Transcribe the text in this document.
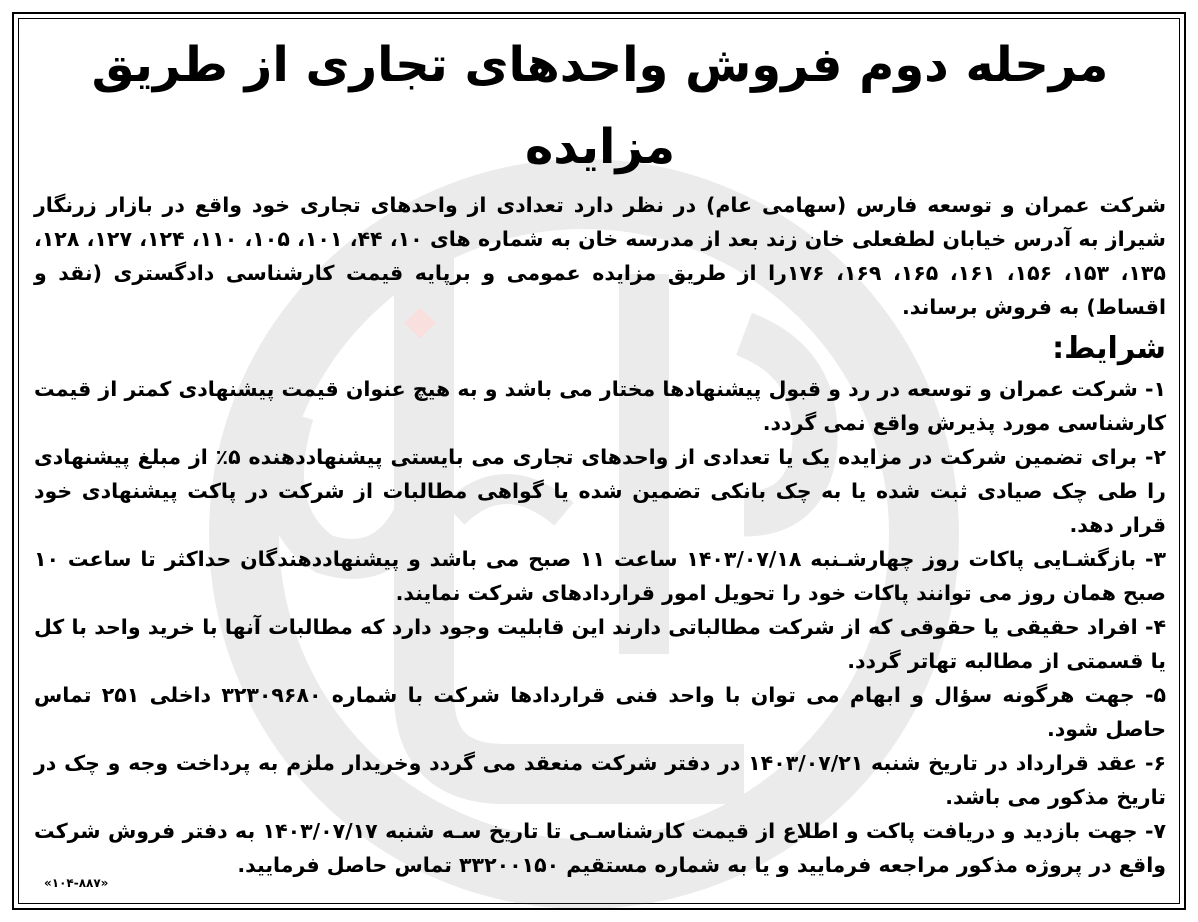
مرحله دوم فروش واحدهای تجاری از طریق مزایده

شرکت عمران و توسعه فارس (سهامی عام) در نظر دارد تعدادی از واحدهای تجاری خود واقع در بازار زرنگار شیراز به آدرس خیابان لطفعلی خان زند بعد از مدرسه خان به شماره های ۱۰، ۴۴، ۱۰۱، ۱۰۵، ۱۱۰، ۱۲۴، ۱۲۷، ۱۲۸، ۱۳۵، ۱۵۳، ۱۵۶، ۱۶۱، ۱۶۵، ۱۶۹، ۱۷۶را از طریق مزایده عمومی و برپایه قیمت کارشناسی دادگستری (نقد و اقساط) به فروش برساند.

شرایط:

۱- شرکت عمران و توسعه در رد و قبول پیشنهادها مختار می باشد و به هیچ عنوان قیمت پیشنهادی کمتر از قیمت کارشناسی مورد پذیرش واقع نمی گردد.

۲- برای تضمین شرکت در مزایده یک یا تعدادی از واحدهای تجاری می بایستی پیشنهاددهنده ۵٪ از مبلغ پیشنهادی را طی چک صیادی ثبت شده یا به چک بانکی تضمین شده یا گواهی مطالبات از شرکت در پاکت پیشنهادی خود قرار دهد.

۳- بازگشـایی پاکات روز چهارشـنبه ۱۴۰۳/۰۷/۱۸ ساعت ۱۱ صبح می باشد و پیشنهاددهندگان حداکثر تا ساعت ۱۰ صبح همان روز می توانند پاکات خود را تحویل امور قراردادهای شرکت نمایند.

۴- افراد حقیقی یا حقوقی که از شرکت مطالباتی دارند این قابلیت وجود دارد که مطالبات آنها با خرید واحد با کل یا قسمتی از مطالبه تهاتر گردد.

۵- جهت هرگونه سؤال و ابهام می توان با واحد فنی قراردادها شرکت با شماره ۳۲۳۰۹۶۸۰ داخلی ۲۵۱ تماس حاصل شود.

۶- عقد قرارداد در تاریخ شنبه ۱۴۰۳/۰۷/۲۱ در دفتر شرکت منعقد می گردد وخریدار ملزم به پرداخت وجه و چک در تاریخ مذکور می باشد.

۷- جهت بازدید و دریافت پاکت و اطلاع از قیمت کارشناسـی تا تاریخ سـه شنبه ۱۴۰۳/۰۷/۱۷ به دفتر فروش شرکت واقع در پروژه مذکور مراجعه فرمایید و یا به شماره مستقیم ۳۳۲۰۰۱۵۰ تماس حاصل فرمایید.

«۱۰۴-۸۸۷»
